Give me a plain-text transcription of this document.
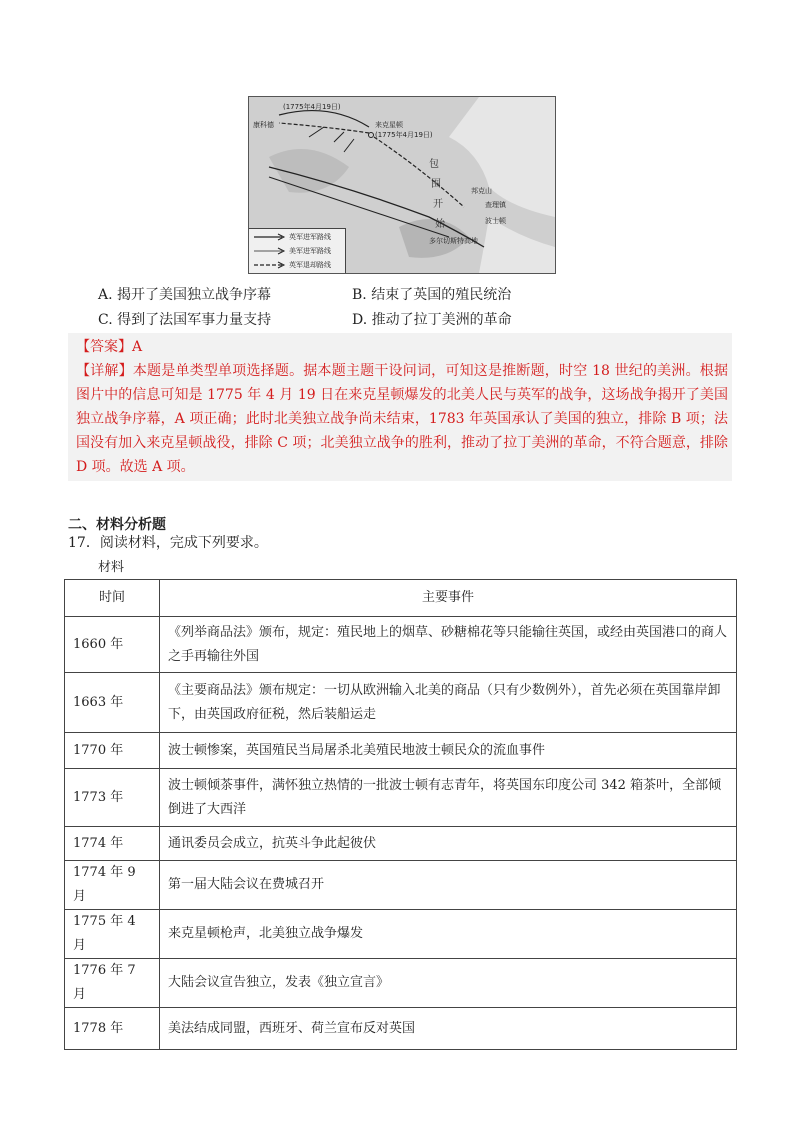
(1775年4月19日)
康科德	来克星顿
(1775年4月19日)
邦克山
查理镇
波士顿
多尔切斯特高地
包
围
开
始
英军进军路线
美军进军路线
英军退却路线
A. 揭开了美国独立战争序幕	B. 结束了英国的殖民统治
C. 得到了法国军事力量支持	D. 推动了拉丁美洲的革命
【答案】A
【详解】本题是单类型单项选择题。据本题主题干设问词，可知这是推断题，时空 18 世纪的美洲。根据图片中的信息可知是 1775 年 4 月 19 日在来克星顿爆发的北美人民与英军的战争，这场战争揭开了美国独立战争序幕，A 项正确；此时北美独立战争尚未结束，1783 年英国承认了美国的独立，排除 B 项；法国没有加入来克星顿战役，排除 C 项；北美独立战争的胜利，推动了拉丁美洲的革命，不符合题意，排除 D 项。故选 A 项。
二、材料分析题
17．阅读材料，完成下列要求。
材料
时间	主要事件
1660 年	《列举商品法》颁布，规定：殖民地上的烟草、砂糖棉花等只能输往英国，或经由英国港口的商人之手再输往外国
1663 年	《主要商品法》颁布规定：一切从欧洲输入北美的商品（只有少数例外），首先必须在英国靠岸卸下，由英国政府征税，然后装船运走
1770 年	波士顿惨案，英国殖民当局屠杀北美殖民地波士顿民众的流血事件
1773 年	波士顿倾茶事件，满怀独立热情的一批波士顿有志青年，将英国东印度公司 342 箱茶叶，全部倾倒进了大西洋
1774 年	通讯委员会成立，抗英斗争此起彼伏
1774 年 9 月	第一届大陆会议在费城召开
1775 年 4 月	来克星顿枪声，北美独立战争爆发
1776 年 7 月	大陆会议宣告独立，发表《独立宣言》
1778 年	美法结成同盟，西班牙、荷兰宣布反对英国
